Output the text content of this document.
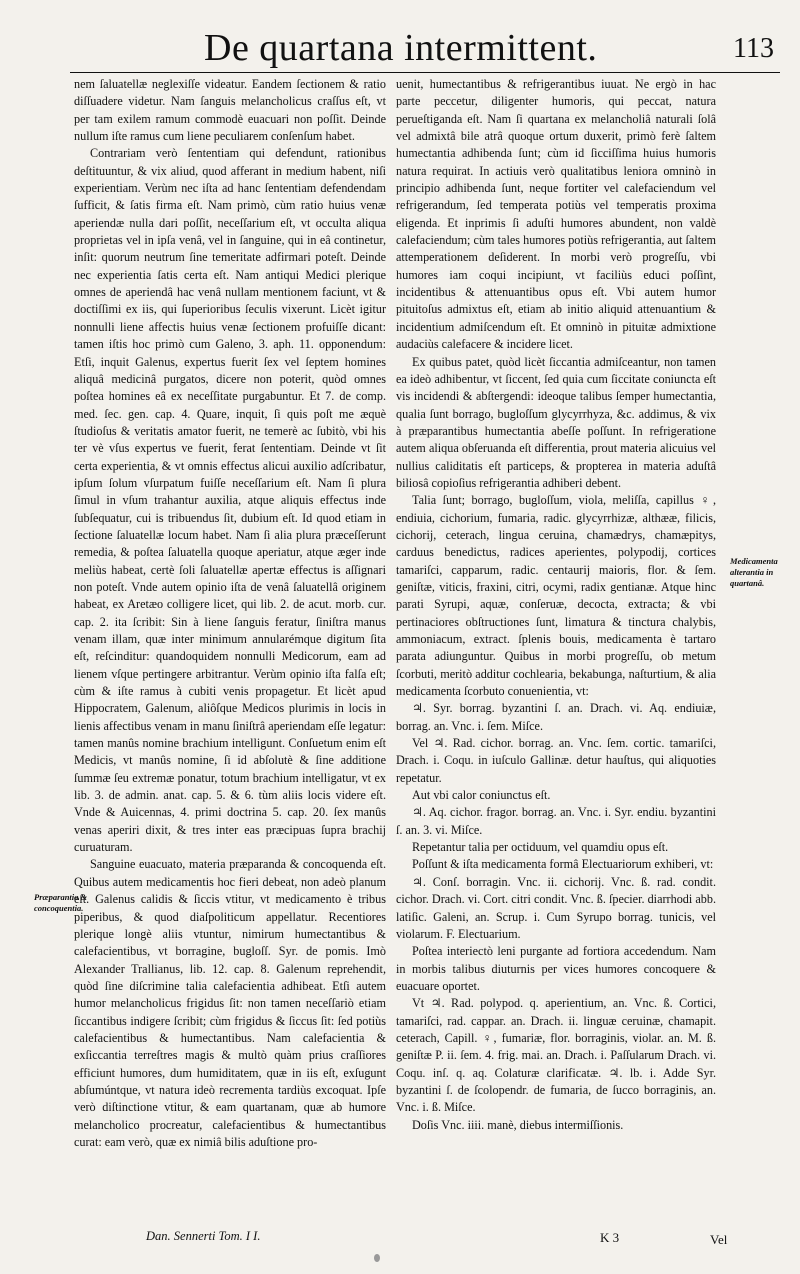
De quartana intermittent.	113

nem ſaluatellæ neglexiſſe videatur. Eandem ſectionem & ratio diſſuadere videtur. Nam ſanguis melancholicus craſſus eſt, vt per tam exilem ramum commodè euacuari non poſſit. Deinde nullum iſte ramus cum liene peculiarem conſenſum habet.

Contrariam verò ſententiam qui defendunt, rationibus deſtituuntur, & vix aliud, quod afferant in medium habent, niſi experientiam. Verùm nec iſta ad hanc ſententiam defendendam ſufficit, & ſatis firma eſt. Nam primò, cùm ratio huius venæ aperiendæ nulla dari poſſit, neceſſarium eſt, vt occulta aliqua proprietas vel in ipſa venâ, vel in ſanguine, qui in eâ continetur, inſit: quorum neutrum ſine temeritate adfirmari poteſt. Deinde nec experientia ſatis certa eſt. Nam antiqui Medici plerique omnes de aperiendâ hac venâ nullam mentionem faciunt, vt & doctiſſimi ex iis, qui ſuperioribus ſeculis vixerunt. Licèt igitur nonnulli liene affectis huius venæ ſectionem profuiſſe dicant: tamen iſtis hoc primò cum Galeno, 3. aph. 11. opponendum: Etſi, inquit Galenus, expertus fuerit ſex vel ſeptem homines aliquâ medicinâ purgatos, dicere non poterit, quòd omnes poſtea homines eâ ex neceſſitate purgabuntur. Et 7. de comp. med. ſec. gen. cap. 4. Quare, inquit, ſi quis poſt me æquè ſtudioſus & veritatis amator fuerit, ne temerè ac ſubitò, vbi his ter vè vſus expertus ve fuerit, ferat ſententiam. Deinde vt ſit certa experientia, & vt omnis effectus alicui auxilio adſcribatur, ipſum ſolum vſurpatum fuiſſe neceſſarium eſt. Nam ſi plura ſimul in vſum trahantur auxilia, atque aliquis effectus inde ſubſequatur, cui is tribuendus ſit, dubium eſt. Id quod etiam in ſectione ſaluatellæ locum habet. Nam ſi alia plura præceſſerunt remedia, & poſtea ſaluatella quoque aperiatur, atque æger inde meliùs habeat, certè ſoli ſaluatellæ apertæ effectus is aſſignari non poteſt. Vnde autem opinio iſta de venâ ſaluatellâ originem habeat, ex Aretæo colligere licet, qui lib. 2. de acut. morb. cur. cap. 2. ita ſcribit: Sin à liene ſanguis feratur, ſiniſtra manus venam illam, quæ inter minimum annularémque digitum ſita eſt, reſcinditur: quandoquidem nonnulli Medicorum, eam ad lienem vſque pertingere arbitrantur. Verùm opinio iſta falſa eſt; cùm & iſte ramus à cubiti venis propagetur. Et licèt apud Hippocratem, Galenum, aliôſque Medicos plurimis in locis in lienis affectibus venam in manu ſiniſtrâ aperiendam eſſe legatur: tamen manûs nomine brachium intelligunt. Conſuetum enim eſt Medicis, vt manûs nomine, ſi id abſolutè & ſine additione ſummæ ſeu extremæ ponatur, totum brachium intelligatur, vt ex lib. 3. de admin. anat. cap. 5. & 6. tùm aliis locis videre eſt. Vnde & Auicennas, 4. primi doctrina 5. cap. 20. ſex manûs venas aperiri dixit, & tres inter eas præcipuas ſupra brachij curuaturam.

Sanguine euacuato, materia præparanda & concoquenda eſt. Quibus autem medicamentis hoc fieri debeat, non adeò planum eſt. Galenus calidis & ſiccis vtitur, vt medicamento è tribus piperibus, & quod diaſpoliticum appellatur. Recentiores plerique longè aliis vtuntur, nimirum humectantibus & calefacientibus, vt borragine, bugloſſ. Syr. de pomis. Imò Alexander Trallianus, lib. 12. cap. 8. Galenum reprehendit, quòd ſine diſcrimine talia calefacientia adhibeat. Etſi autem humor melancholicus frigidus ſit: non tamen neceſſariò etiam ſiccantibus indigere ſcribit; cùm frigidus & ſiccus ſit: ſed potiùs calefacientibus & humectantibus. Nam calefacientia & exſiccantia terreſtres magis & multò quàm prius craſſiores efficiunt humores, dum humiditatem, quæ in iis eſt, exſugunt abſumúntque, vt natura ideò recrementa tardiùs excoquat. Ipſe verò diſtinctione vtitur, & eam quartanam, quæ ab humore melancholico procreatur, calefacientibus & humectantibus curat: eam verò, quæ ex nimiâ bilis aduſtione pro-

uenit, humectantibus & refrigerantibus iuuat. Ne ergò in hac parte peccetur, diligenter humoris, qui peccat, natura perueſtiganda eſt. Nam ſi quartana ex melancholiâ naturali ſolâ vel admixtâ bile atrâ quoque ortum duxerit, primò ferè ſaltem humectantia adhibenda ſunt; cùm id ſicciſſima huius humoris natura requirat. In actiuis verò qualitatibus leniora omninò in principio adhibenda ſunt, neque fortiter vel calefaciendum vel refrigerandum, ſed temperata potiùs vel temperatis proxima eligenda. Et inprimis ſi aduſti humores abundent, non valdè calefaciendum; cùm tales humores potiùs refrigerantia, aut ſaltem attemperationem deſiderent. In morbi verò progreſſu, vbi humores iam coqui incipiunt, vt faciliùs educi poſſint, incidentibus & attenuantibus opus eſt. Vbi autem humor pituitoſus admixtus eſt, etiam ab initio aliquid attenuantium & incidentium admiſcendum eſt. Et omninò in pituitæ admixtione audaciùs calefacere & incidere licet.

Ex quibus patet, quòd licèt ſiccantia admiſceantur, non tamen ea ideò adhibentur, vt ſiccent, ſed quia cum ſiccitate coniuncta eſt vis incidendi & abſtergendi: ideoque talibus ſemper humectantia, qualia ſunt borrago, bugloſſum glycyrrhyza, &c. addimus, & vix à præparantibus humectantia abeſſe poſſunt. In refrigeratione autem aliqua obſeruanda eſt differentia, prout materia alicuius vel nullius caliditatis eſt particeps, & propterea in materia aduſtâ biliosâ copioſius refrigerantia adhiberi debent.

Talia ſunt; borrago, bugloſſum, viola, meliſſa, capillus ♀, endiuia, cichorium, fumaria, radic. glycyrrhizæ, althææ, filicis, cichorij, ceterach, lingua ceruina, chamædrys, chamæpitys, carduus benedictus, radices aperientes, polypodij, cortices tamariſci, capparum, radic. centaurij maioris, flor. & ſem. geniſtæ, viticis, fraxini, citri, ocymi, radix gentianæ. Atque hinc parati Syrupi, aquæ, conſeruæ, decocta, extracta; & vbi pertinaciores obſtructiones ſunt, limatura & tinctura chalybis, ammoniacum, extract. ſplenis bouis, medicamenta è tartaro parata adiunguntur. Quibus in morbi progreſſu, ob metum ſcorbuti, meritò additur cochlearia, bekabunga, naſturtium, & alia medicamenta ſcorbuto conuenientia, vt:

♃. Syr. borrag. byzantini ſ. an. Drach. vi. Aq. endiuiæ, borrag. an. Vnc. i. ſem. Miſce.

Vel ♃. Rad. cichor. borrag. an. Vnc. ſem. cortic. tamariſci, Drach. i. Coqu. in iuſculo Gallinæ. detur hauſtus, qui aliquoties repetatur.

Aut vbi calor coniunctus eſt.

♃. Aq. cichor. fragor. borrag. an. Vnc. i. Syr. endiu. byzantini ſ. an. 3. vi. Miſce.

Repetantur talia per octiduum, vel quamdiu opus eſt.

Poſſunt & iſta medicamenta formâ Electuariorum exhiberi, vt:

♃. Conſ. borragin. Vnc. ii. cichorij. Vnc. ß. rad. condit. cichor. Drach. vi. Cort. citri condit. Vnc. ß. ſpecier. diarrhodi abb. latiſic. Galeni, an. Scrup. i. Cum Syrupo borrag. tunicis, vel violarum. F. Electuarium.

Poſtea interiectò leni purgante ad fortiora accedendum. Nam in morbis talibus diuturnis per vices humores concoquere & euacuare oportet.

Vt ♃. Rad. polypod. q. aperientium, an. Vnc. ß. Cortici, tamariſci, rad. cappar. an. Drach. ii. linguæ ceruinæ, chamapit. ceterach, Capill. ♀, fumariæ, flor. borraginis, violar. an. M. ß. geniſtæ P. ii. ſem. 4. frig. mai. an. Drach. i. Paſſularum Drach. vi. Coqu. inſ. q. aq. Colaturæ clarificatæ. ♃. lb. i. Adde Syr. byzantini ſ. de ſcolopendr. de fumaria, de ſucco borraginis, an. Vnc. i. ß. Miſce.

Doſis Vnc. iiii. manè, diebus intermiſſionis.

Præparantia & concoquentia.
Medicamenta alterantia in quartanâ.
Dan. Sennerti Tom. I I.	K 3	Vel
